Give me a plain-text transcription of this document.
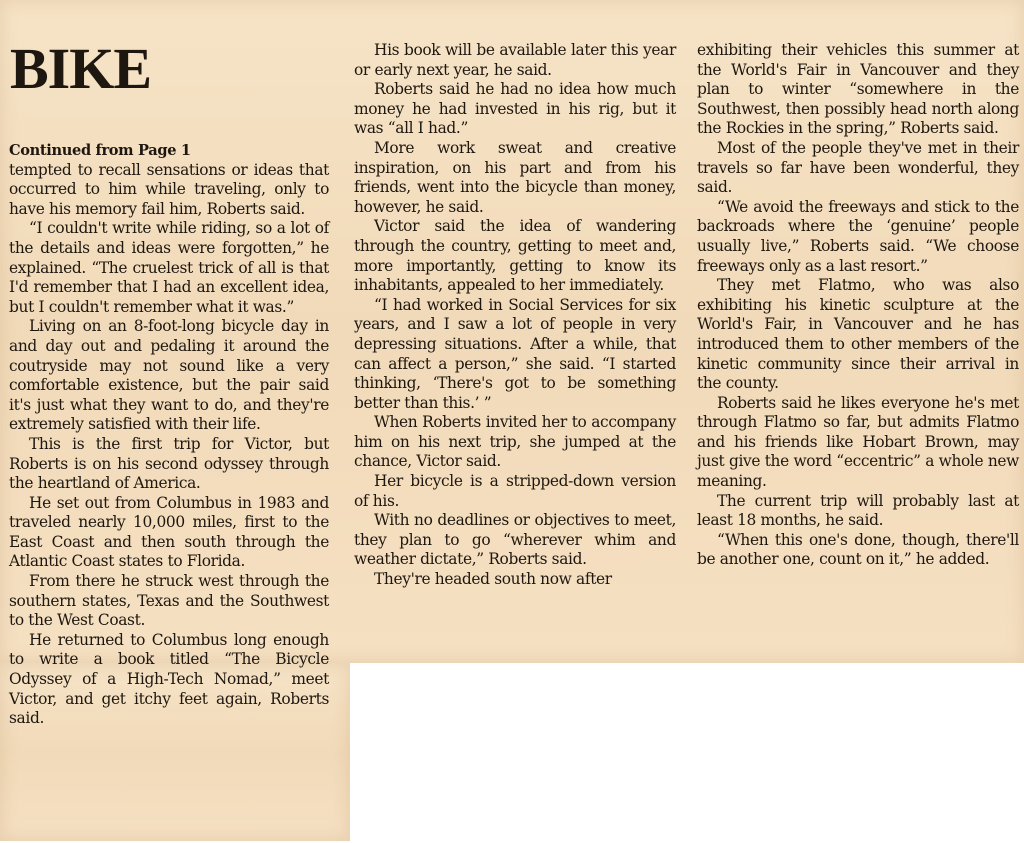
BIKE
Continued from Page 1

tempted to recall sensations or ideas that occurred to him while traveling, only to have his memory fail him, Roberts said.

“I couldn't write while riding, so a lot of the details and ideas were forgotten,” he explained. “The cruelest trick of all is that I'd remember that I had an excellent idea, but I couldn't remember what it was.”

Living on an 8-foot-long bicycle day in and day out and pedaling it around the coutryside may not sound like a very comfortable existence, but the pair said it's just what they want to do, and they're extremely satisfied with their life.

This is the first trip for Victor, but Roberts is on his second odyssey through the heartland of America.

He set out from Columbus in 1983 and traveled nearly 10,000 miles, first to the East Coast and then south through the Atlantic Coast states to Florida.

From there he struck west through the southern states, Texas and the Southwest to the West Coast.

He returned to Columbus long enough to write a book titled “The Bicycle Odyssey of a High-Tech Nomad,” meet Victor, and get itchy feet again, Roberts said.

His book will be available later this year or early next year, he said.

Roberts said he had no idea how much money he had invested in his rig, but it was “all I had.”

More work sweat and creative inspiration, on his part and from his friends, went into the bicycle than money, however, he said.

Victor said the idea of wandering through the country, getting to meet and, more importantly, getting to know its inhabitants, appealed to her immediately.

“I had worked in Social Services for six years, and I saw a lot of people in very depressing situations. After a while, that can affect a person,” she said. “I started thinking, ‘There's got to be something better than this.’ ”

When Roberts invited her to accompany him on his next trip, she jumped at the chance, Victor said.

Her bicycle is a stripped-down version of his.

With no deadlines or objectives to meet, they plan to go “wherever whim and weather dictate,” Roberts said.

They're headed south now after

exhibiting their vehicles this summer at the World's Fair in Vancouver and they plan to winter “somewhere in the Southwest, then possibly head north along the Rockies in the spring,” Roberts said.

Most of the people they've met in their travels so far have been wonderful, they said.

“We avoid the freeways and stick to the backroads where the ‘genuine’ people usually live,” Roberts said. “We choose freeways only as a last resort.”

They met Flatmo, who was also exhibiting his kinetic sculpture at the World's Fair, in Vancouver and he has introduced them to other members of the kinetic community since their arrival in the county.

Roberts said he likes everyone he's met through Flatmo so far, but admits Flatmo and his friends like Hobart Brown, may just give the word “eccentric” a whole new meaning.

The current trip will probably last at least 18 months, he said.

“When this one's done, though, there'll be another one, count on it,” he added.
